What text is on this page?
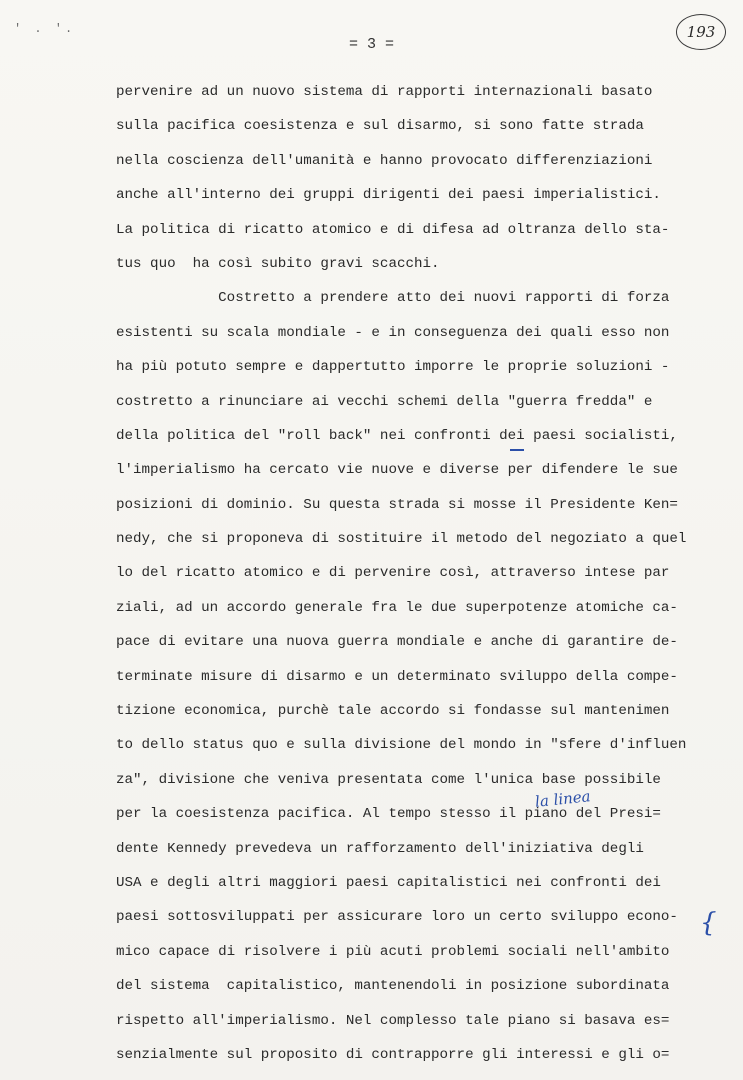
' . '.
= 3 =
193
pervenire ad un nuovo sistema di rapporti internazionali basato
sulla pacifica coesistenza e sul disarmo, si sono fatte strada
nella coscienza dell'umanità e hanno provocato differenziazioni
anche all'interno dei gruppi dirigenti dei paesi imperialistici.
La politica di ricatto atomico e di difesa ad oltranza dello sta-
tus quo  ha così subito gravi scacchi.
Costretto a prendere atto dei nuovi rapporti di forza
esistenti su scala mondiale - e in conseguenza dei quali esso non
ha più potuto sempre e dappertutto imporre le proprie soluzioni -
costretto a rinunciare ai vecchi schemi della "guerra fredda" e
della politica del "roll back" nei confronti dei paesi socialisti,
l'imperialismo ha cercato vie nuove e diverse per difendere le sue
posizioni di dominio. Su questa strada si mosse il Presidente Ken=
nedy, che si proponeva di sostituire il metodo del negoziato a quel
lo del ricatto atomico e di pervenire così, attraverso intese par
ziali, ad un accordo generale fra le due superpotenze atomiche ca-
pace di evitare una nuova guerra mondiale e anche di garantire de-
terminate misure di disarmo e un determinato sviluppo della compe-
tizione economica, purchè tale accordo si fondasse sul mantenimen
to dello status quo e sulla divisione del mondo in "sfere d'influen
za", divisione che veniva presentata come l'unica base possibile
per la coesistenza pacifica. Al tempo stesso il piano del Presi=
dente Kennedy prevedeva un rafforzamento dell'iniziativa degli
USA e degli altri maggiori paesi capitalistici nei confronti dei
paesi sottosviluppati per assicurare loro un certo sviluppo econo-
mico capace di risolvere i più acuti problemi sociali nell'ambito
del sistema  capitalistico, mantenendoli in posizione subordinata
rispetto all'imperialismo. Nel complesso tale piano si basava es=
senzialmente sul proposito di contrapporre gli interessi e gli o=
la linea
{
